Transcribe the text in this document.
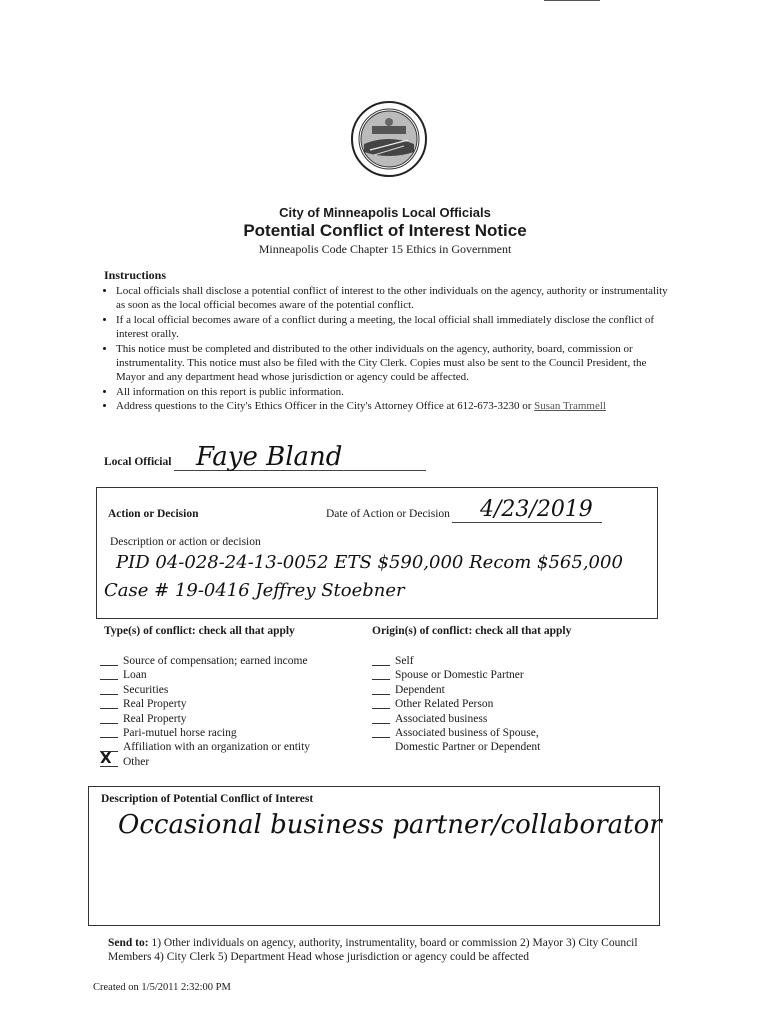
City of Minneapolis Local Officials
Potential Conflict of Interest Notice
Minneapolis Code Chapter 15 Ethics in Government
Instructions
• Local officials shall disclose a potential conflict of interest to the other individuals on the agency, authority or instrumentality as soon as the local official becomes aware of the potential conflict.
• If a local official becomes aware of a conflict during a meeting, the local official shall immediately disclose the conflict of interest orally.
• This notice must be completed and distributed to the other individuals on the agency, authority, board, commission or instrumentality. This notice must also be filed with the City Clerk. Copies must also be sent to the Council President, the Mayor and any department head whose jurisdiction or agency could be affected.
• All information on this report is public information.
• Address questions to the City's Ethics Officer in the City's Attorney Office at 612-673-3230 or Susan Trammell
Local Official Faye Bland
Action or Decision	Date of Action or Decision 4/23/2019
Description or action or decision
PID 04-028-24-13-0052 ETS $590,000 Recom $565,000
Case # 19-0416 Jeffrey Stoebner
Type(s) of conflict: check all that apply	Origin(s) of conflict: check all that apply
Source of compensation; earned income
Loan
Securities
Real Property
Real Property
Pari-mutuel horse racing
Affiliation with an organization or entity
X Other
Self
Spouse or Domestic Partner
Dependent
Other Related Person
Associated business
Associated business of Spouse,
Domestic Partner or Dependent
Description of Potential Conflict of Interest
Occasional business partner/collaborator
Send to: 1) Other individuals on agency, authority, instrumentality, board or commission 2) Mayor 3) City Council Members 4) City Clerk 5) Department Head whose jurisdiction or agency could be affected
Created on 1/5/2011 2:32:00 PM
